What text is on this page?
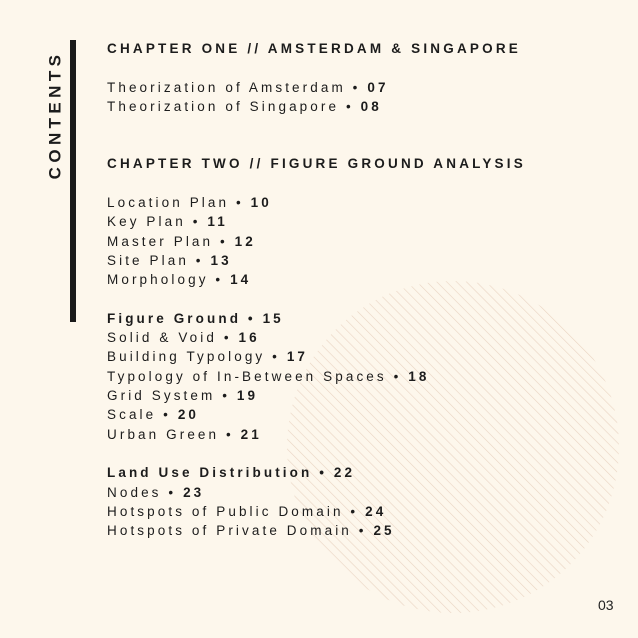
CONTENTS
CHAPTER ONE // AMSTERDAM & SINGAPORE
Theorization of Amsterdam • 07
Theorization of Singapore • 08
CHAPTER TWO // FIGURE GROUND ANALYSIS
Location Plan • 10
Key Plan • 11
Master Plan • 12
Site Plan • 13
Morphology • 14
Figure Ground • 15
Solid & Void • 16
Building Typology • 17
Typology of In-Between Spaces • 18
Grid System • 19
Scale • 20
Urban Green • 21
Land Use Distribution • 22
Nodes • 23
Hotspots of Public Domain • 24
Hotspots of Private Domain • 25
03
